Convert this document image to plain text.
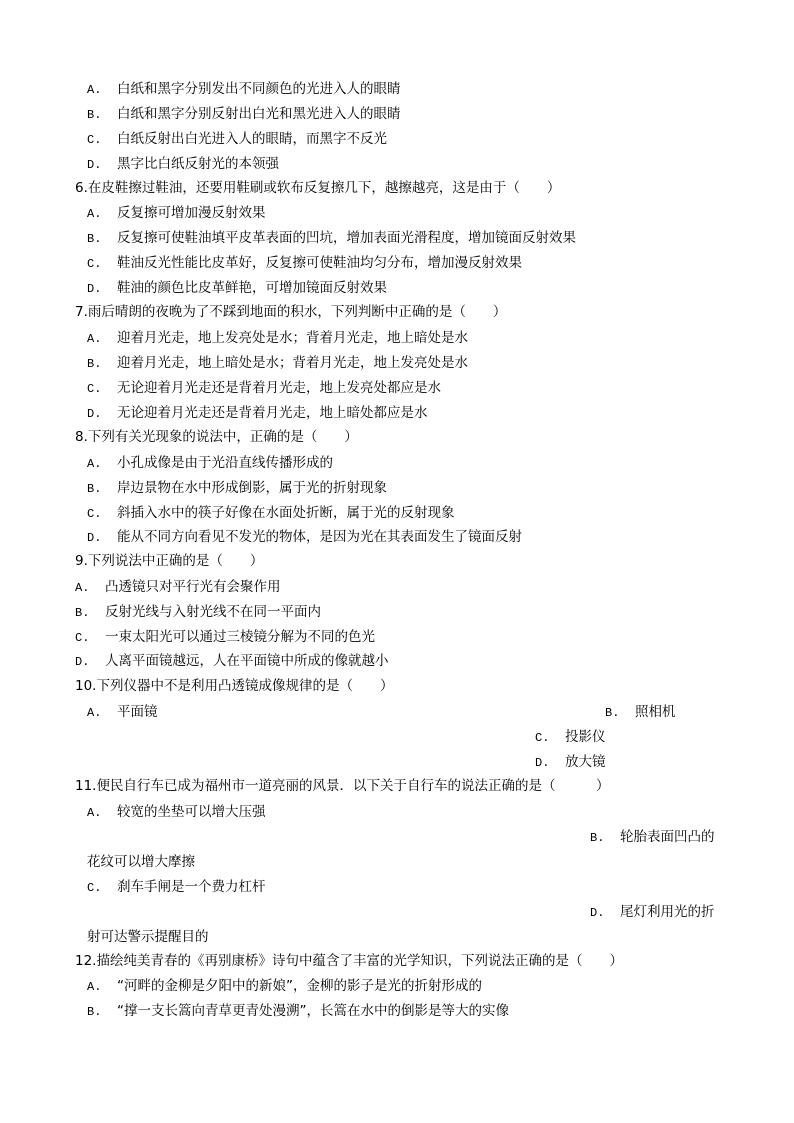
A. 白纸和黑字分别发出不同颜色的光进入人的眼睛
B. 白纸和黑字分别反射出白光和黑光进入人的眼睛
C. 白纸反射出白光进入人的眼睛，而黑字不反光
D. 黑字比白纸反射光的本领强
6.在皮鞋擦过鞋油，还要用鞋刷或软布反复擦几下，越擦越亮，这是由于（　　）
A. 反复擦可增加漫反射效果
B. 反复擦可使鞋油填平皮革表面的凹坑，增加表面光滑程度，增加镜面反射效果
C. 鞋油反光性能比皮革好，反复擦可使鞋油均匀分布，增加漫反射效果
D. 鞋油的颜色比皮革鲜艳，可增加镜面反射效果
7.雨后晴朗的夜晚为了不踩到地面的积水，下列判断中正确的是（　　）
A. 迎着月光走，地上发亮处是水；背着月光走，地上暗处是水
B. 迎着月光走，地上暗处是水；背着月光走，地上发亮处是水
C. 无论迎着月光走还是背着月光走，地上发亮处都应是水
D. 无论迎着月光走还是背着月光走，地上暗处都应是水
8.下列有关光现象的说法中，正确的是（　　）
A. 小孔成像是由于光沿直线传播形成的
B. 岸边景物在水中形成倒影，属于光的折射现象
C. 斜插入水中的筷子好像在水面处折断，属于光的反射现象
D. 能从不同方向看见不发光的物体，是因为光在其表面发生了镜面反射
9.下列说法中正确的是（　　）
A. 凸透镜只对平行光有会聚作用
B. 反射光线与入射光线不在同一平面内
C. 一束太阳光可以通过三棱镜分解为不同的色光
D. 人离平面镜越远，人在平面镜中所成的像就越小
10.下列仪器中不是利用凸透镜成像规律的是（　　）
A. 平面镜	B. 照相机
C. 投影仪
D. 放大镜
11.便民自行车已成为福州市一道亮丽的风景．以下关于自行车的说法正确的是（　　　）
A. 较宽的坐垫可以增大压强
B. 轮胎表面凹凸的
花纹可以增大摩擦
C. 刹车手闸是一个费力杠杆
D. 尾灯利用光的折
射可达警示提醒目的
12.描绘纯美青春的《再别康桥》诗句中蕴含了丰富的光学知识，下列说法正确的是（　　）
A. “河畔的金柳是夕阳中的新娘”，金柳的影子是光的折射形成的
B. “撑一支长篙向青草更青处漫溯”，长篙在水中的倒影是等大的实像
